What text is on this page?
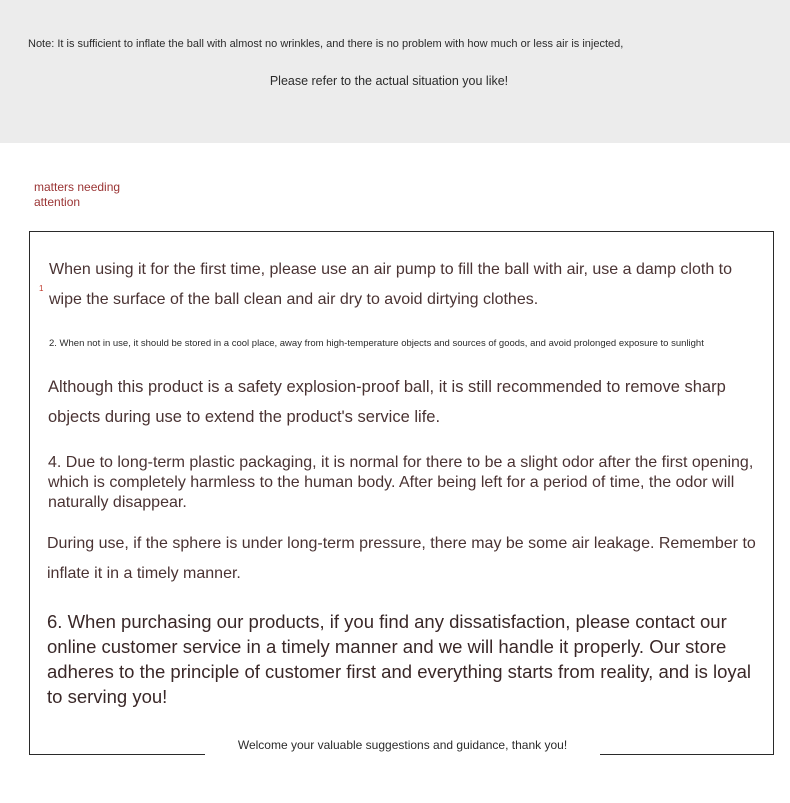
Note: It is sufficient to inflate the ball with almost no wrinkles, and there is no problem with how much or less air is injected,
Please refer to the actual situation you like!
matters needing attention
1
When using it for the first time, please use an air pump to fill the ball with air, use a damp cloth to wipe the surface of the ball clean and air dry to avoid dirtying clothes.
2. When not in use, it should be stored in a cool place, away from high-temperature objects and sources of goods, and avoid prolonged exposure to sunlight
Although this product is a safety explosion-proof ball, it is still recommended to remove sharp objects during use to extend the product's service life.
4. Due to long-term plastic packaging, it is normal for there to be a slight odor after the first opening, which is completely harmless to the human body. After being left for a period of time, the odor will naturally disappear.
During use, if the sphere is under long-term pressure, there may be some air leakage. Remember to inflate it in a timely manner.
6. When purchasing our products, if you find any dissatisfaction, please contact our online customer service in a timely manner and we will handle it properly. Our store adheres to the principle of customer first and everything starts from reality, and is loyal to serving you!
Welcome your valuable suggestions and guidance, thank you!
